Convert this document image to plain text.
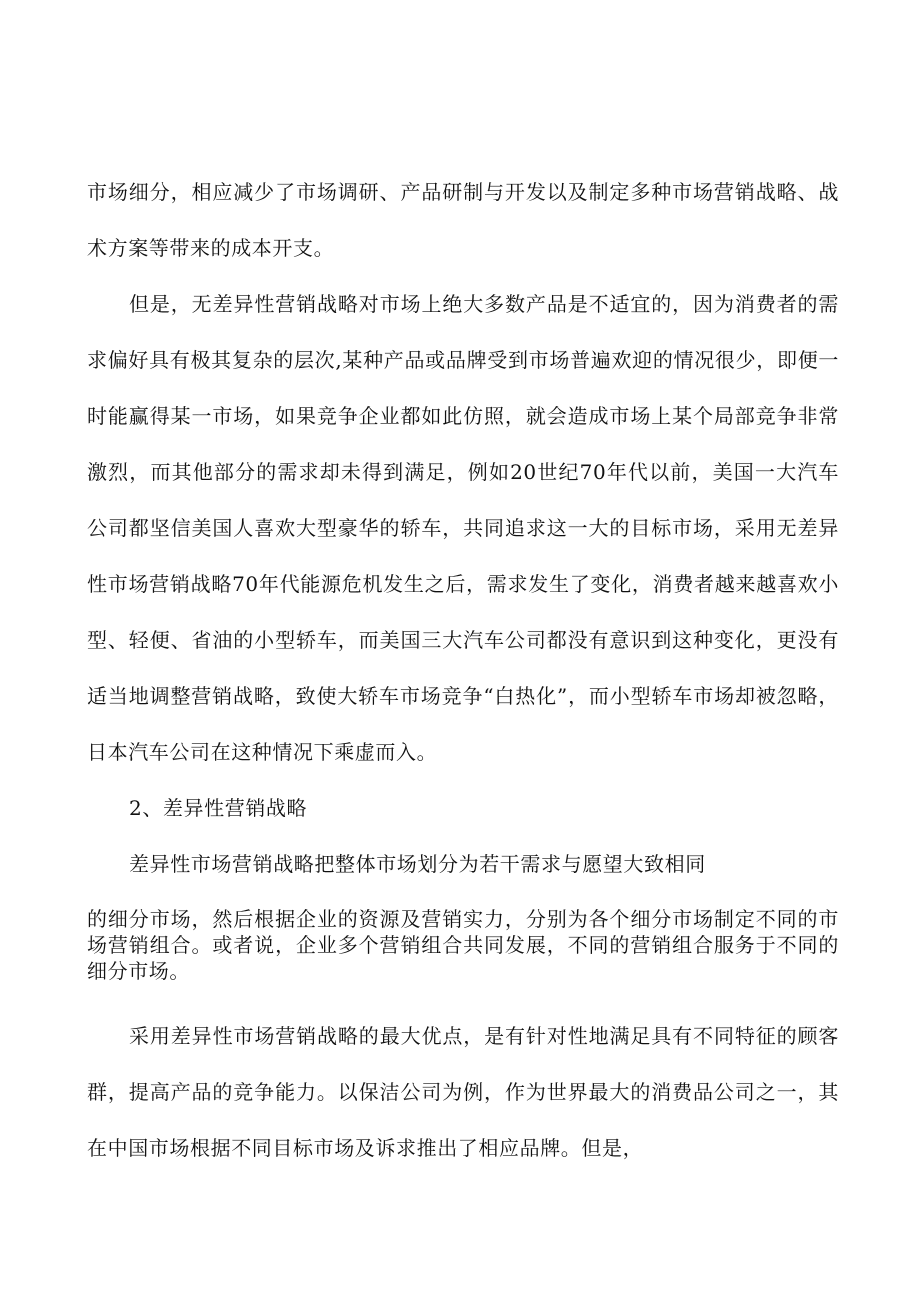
市场细分，相应减少了市场调研、产品研制与开发以及制定多种市场营销战略、战术方案等带来的成本开支。

但是，无差异性营销战略对市场上绝大多数产品是不适宜的，因为消费者的需求偏好具有极其复杂的层次,某种产品或品牌受到市场普遍欢迎的情况很少，即便一时能赢得某一市场，如果竞争企业都如此仿照，就会造成市场上某个局部竞争非常激烈，而其他部分的需求却未得到满足，例如20世纪70年代以前，美国一大汽车公司都坚信美国人喜欢大型豪华的轿车，共同追求这一大的目标市场，采用无差异性市场营销战略70年代能源危机发生之后，需求发生了变化，消费者越来越喜欢小型、轻便、省油的小型轿车，而美国三大汽车公司都没有意识到这种变化，更没有适当地调整营销战略，致使大轿车市场竞争“白热化”，而小型轿车市场却被忽略，日本汽车公司在这种情况下乘虚而入。

2、差异性营销战略

差异性市场营销战略把整体市场划分为若干需求与愿望大致相同

的细分市场，然后根据企业的资源及营销实力，分别为各个细分市场制定不同的市场营销组合。或者说，企业多个营销组合共同发展，不同的营销组合服务于不同的细分市场。

采用差异性市场营销战略的最大优点，是有针对性地满足具有不同特征的顾客群，提高产品的竞争能力。以保洁公司为例，作为世界最大的消费品公司之一，其在中国市场根据不同目标市场及诉求推出了相应品牌。但是，
